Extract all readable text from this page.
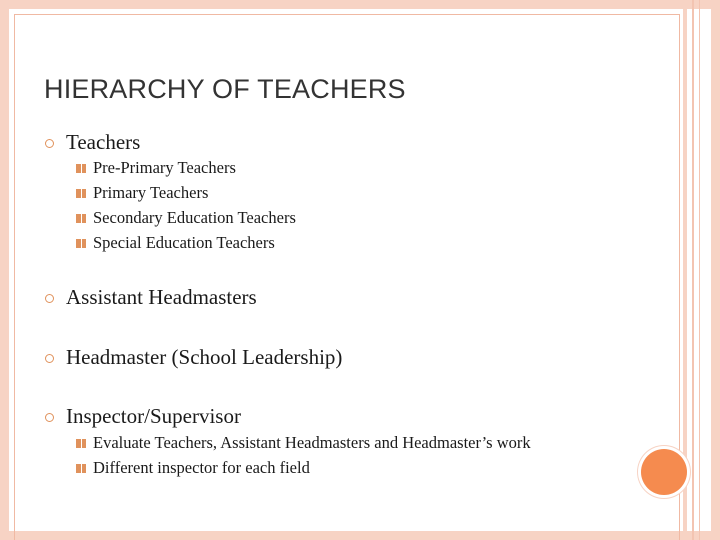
HIERARCHY OF TEACHERS
Teachers
Pre-Primary Teachers
Primary Teachers
Secondary Education Teachers
Special Education Teachers
Assistant Headmasters
Headmaster (School Leadership)
Inspector/Supervisor
Evaluate Teachers, Assistant Headmasters and Headmaster’s work
Different inspector for each field
